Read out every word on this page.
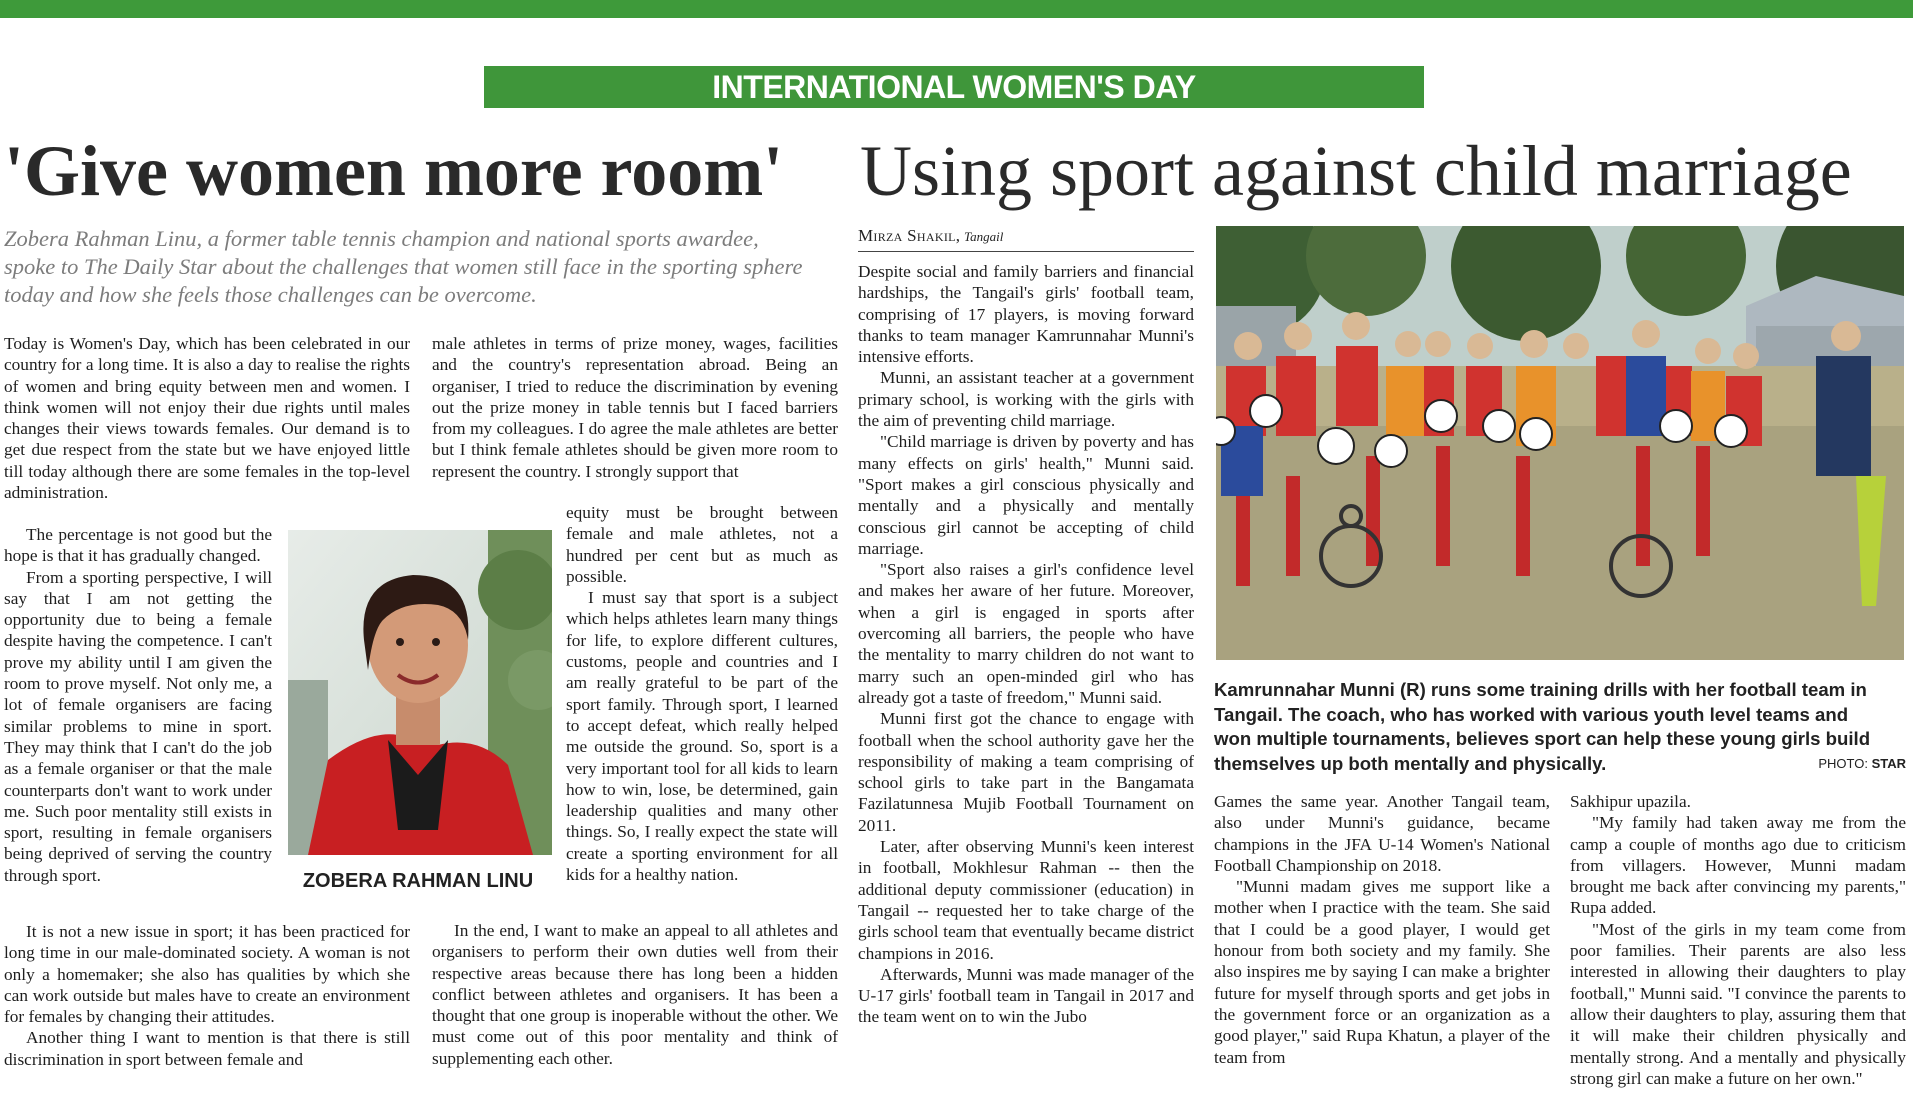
INTERNATIONAL WOMEN'S DAY
'Give women more room' Using sport against child marriage
Zobera Rahman Linu, a former table tennis champion and national sports awardee, spoke to The Daily Star about the challenges that women still face in the sporting sphere today and how she feels those challenges can be overcome.

Today is Women's Day, which has been celebrated in our country for a long time. It is also a day to realise the rights of women and bring equity between men and women. I think women will not enjoy their due rights until males changes their views towards females. Our demand is to get due respect from the state but we have enjoyed little till today although there are some females in the top-level administration.

The percentage is not good but the hope is that it has gradually changed.

From a sporting perspective, I will say that I am not getting the opportunity due to being a female despite having the competence. I can't prove my ability until I am given the room to prove myself. Not only me, a lot of female organisers are facing similar problems to mine in sport. They may think that I can't do the job as a female organiser or that the male counterparts don't want to work under me. Such poor mentality still exists in sport, resulting in female organisers being deprived of serving the country through sport.

It is not a new issue in sport; it has been practiced for long time in our male-dominated society. A woman is not only a homemaker; she also has qualities by which she can work outside but males have to create an environment for females by changing their attitudes.

Another thing I want to mention is that there is still discrimination in sport between female and

ZOBERA RAHMAN LINU

male athletes in terms of prize money, wages, facilities and the country's representation abroad. Being an organiser, I tried to reduce the discrimination by evening out the prize money in table tennis but I faced barriers from my colleagues. I do agree the male athletes are better but I think female athletes should be given more room to represent the country. I strongly support that

equity must be brought between female and male athletes, not a hundred per cent but as much as possible.

I must say that sport is a subject which helps athletes learn many things for life, to explore different cultures, customs, people and countries and I am really grateful to be part of the sport family. Through sport, I learned to accept defeat, which really helped me outside the ground. So, sport is a very important tool for all kids to learn how to win, lose, be determined, gain leadership qualities and many other things. So, I really expect the state will create a sporting environment for all kids for a healthy nation.

In the end, I want to make an appeal to all athletes and organisers to perform their own duties well from their respective areas because there has long been a hidden conflict between athletes and organisers. It has been a thought that one group is inoperable without the other. We must come out of this poor mentality and think of supplementing each other.

Mirza Shakil, Tangail

Despite social and family barriers and financial hardships, the Tangail's girls' football team, comprising of 17 players, is moving forward thanks to team manager Kamrunnahar Munni's intensive efforts.

Munni, an assistant teacher at a government primary school, is working with the girls with the aim of preventing child marriage.

"Child marriage is driven by poverty and has many effects on girls' health," Munni said. "Sport makes a girl conscious physically and mentally and a physically and mentally conscious girl cannot be accepting of child marriage.

"Sport also raises a girl's confidence level and makes her aware of her future. Moreover, when a girl is engaged in sports after overcoming all barriers, the people who have the mentality to marry children do not want to marry such an open-minded girl who has already got a taste of freedom," Munni said.

Munni first got the chance to engage with football when the school authority gave her the responsibility of making a team comprising of school girls to take part in the Bangamata Fazilatunnesa Mujib Football Tournament on 2011.

Later, after observing Munni's keen interest in football, Mokhlesur Rahman -- then the additional deputy commissioner (education) in Tangail -- requested her to take charge of the girls school team that eventually became district champions in 2016.

Afterwards, Munni was made manager of the U-17 girls' football team in Tangail in 2017 and the team went on to win the Jubo

Kamrunnahar Munni (R) runs some training drills with her football team in Tangail. The coach, who has worked with various youth level teams and won multiple tournaments, believes sport can help these young girls build themselves up both mentally and physically.	PHOTO: STAR

Games the same year. Another Tangail team, also under Munni's guidance, became champions in the JFA U-14 Women's National Football Championship on 2018.

"Munni madam gives me support like a mother when I practice with the team. She said that I could be a good player, I would get honour from both society and my family. She also inspires me by saying I can make a brighter future for myself through sports and get jobs in the government force or an organization as a good player," said Rupa Khatun, a player of the team from

Sakhipur upazila.

"My family had taken away me from the camp a couple of months ago due to criticism from villagers. However, Munni madam brought me back after convincing my parents," Rupa added.

"Most of the girls in my team come from poor families. Their parents are also less interested in allowing their daughters to play football," Munni said. "I convince the parents to allow their daughters to play, assuring them that it will make their children physically and mentally strong. And a mentally and physically strong girl can make a future on her own."
